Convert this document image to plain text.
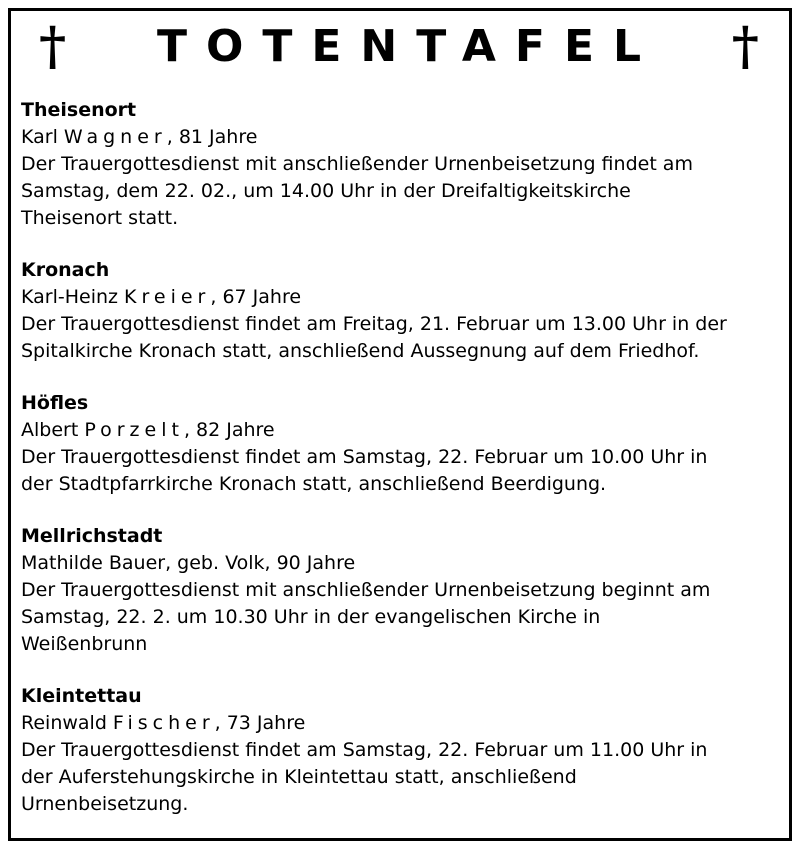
† TOTENTAFEL †
Theisenort
Karl Wagner, 81 Jahre
Der Trauergottesdienst mit anschließender Urnenbeisetzung findet am
Samstag, dem 22. 02., um 14.00 Uhr in der Dreifaltigkeitskirche
Theisenort statt.
Kronach
Karl-Heinz Kreier, 67 Jahre
Der Trauergottesdienst findet am Freitag, 21. Februar um 13.00 Uhr in der
Spitalkirche Kronach statt, anschließend Aussegnung auf dem Friedhof.
Höfles
Albert Porzelt, 82 Jahre
Der Trauergottesdienst findet am Samstag, 22. Februar um 10.00 Uhr in
der Stadtpfarrkirche Kronach statt, anschließend Beerdigung.
Mellrichstadt
Mathilde Bauer, geb. Volk, 90 Jahre
Der Trauergottesdienst mit anschließender Urnenbeisetzung beginnt am
Samstag, 22. 2. um 10.30 Uhr in der evangelischen Kirche in
Weißenbrunn
Kleintettau
Reinwald Fischer, 73 Jahre
Der Trauergottesdienst findet am Samstag, 22. Februar um 11.00 Uhr in
der Auferstehungskirche in Kleintettau statt, anschließend
Urnenbeisetzung.
